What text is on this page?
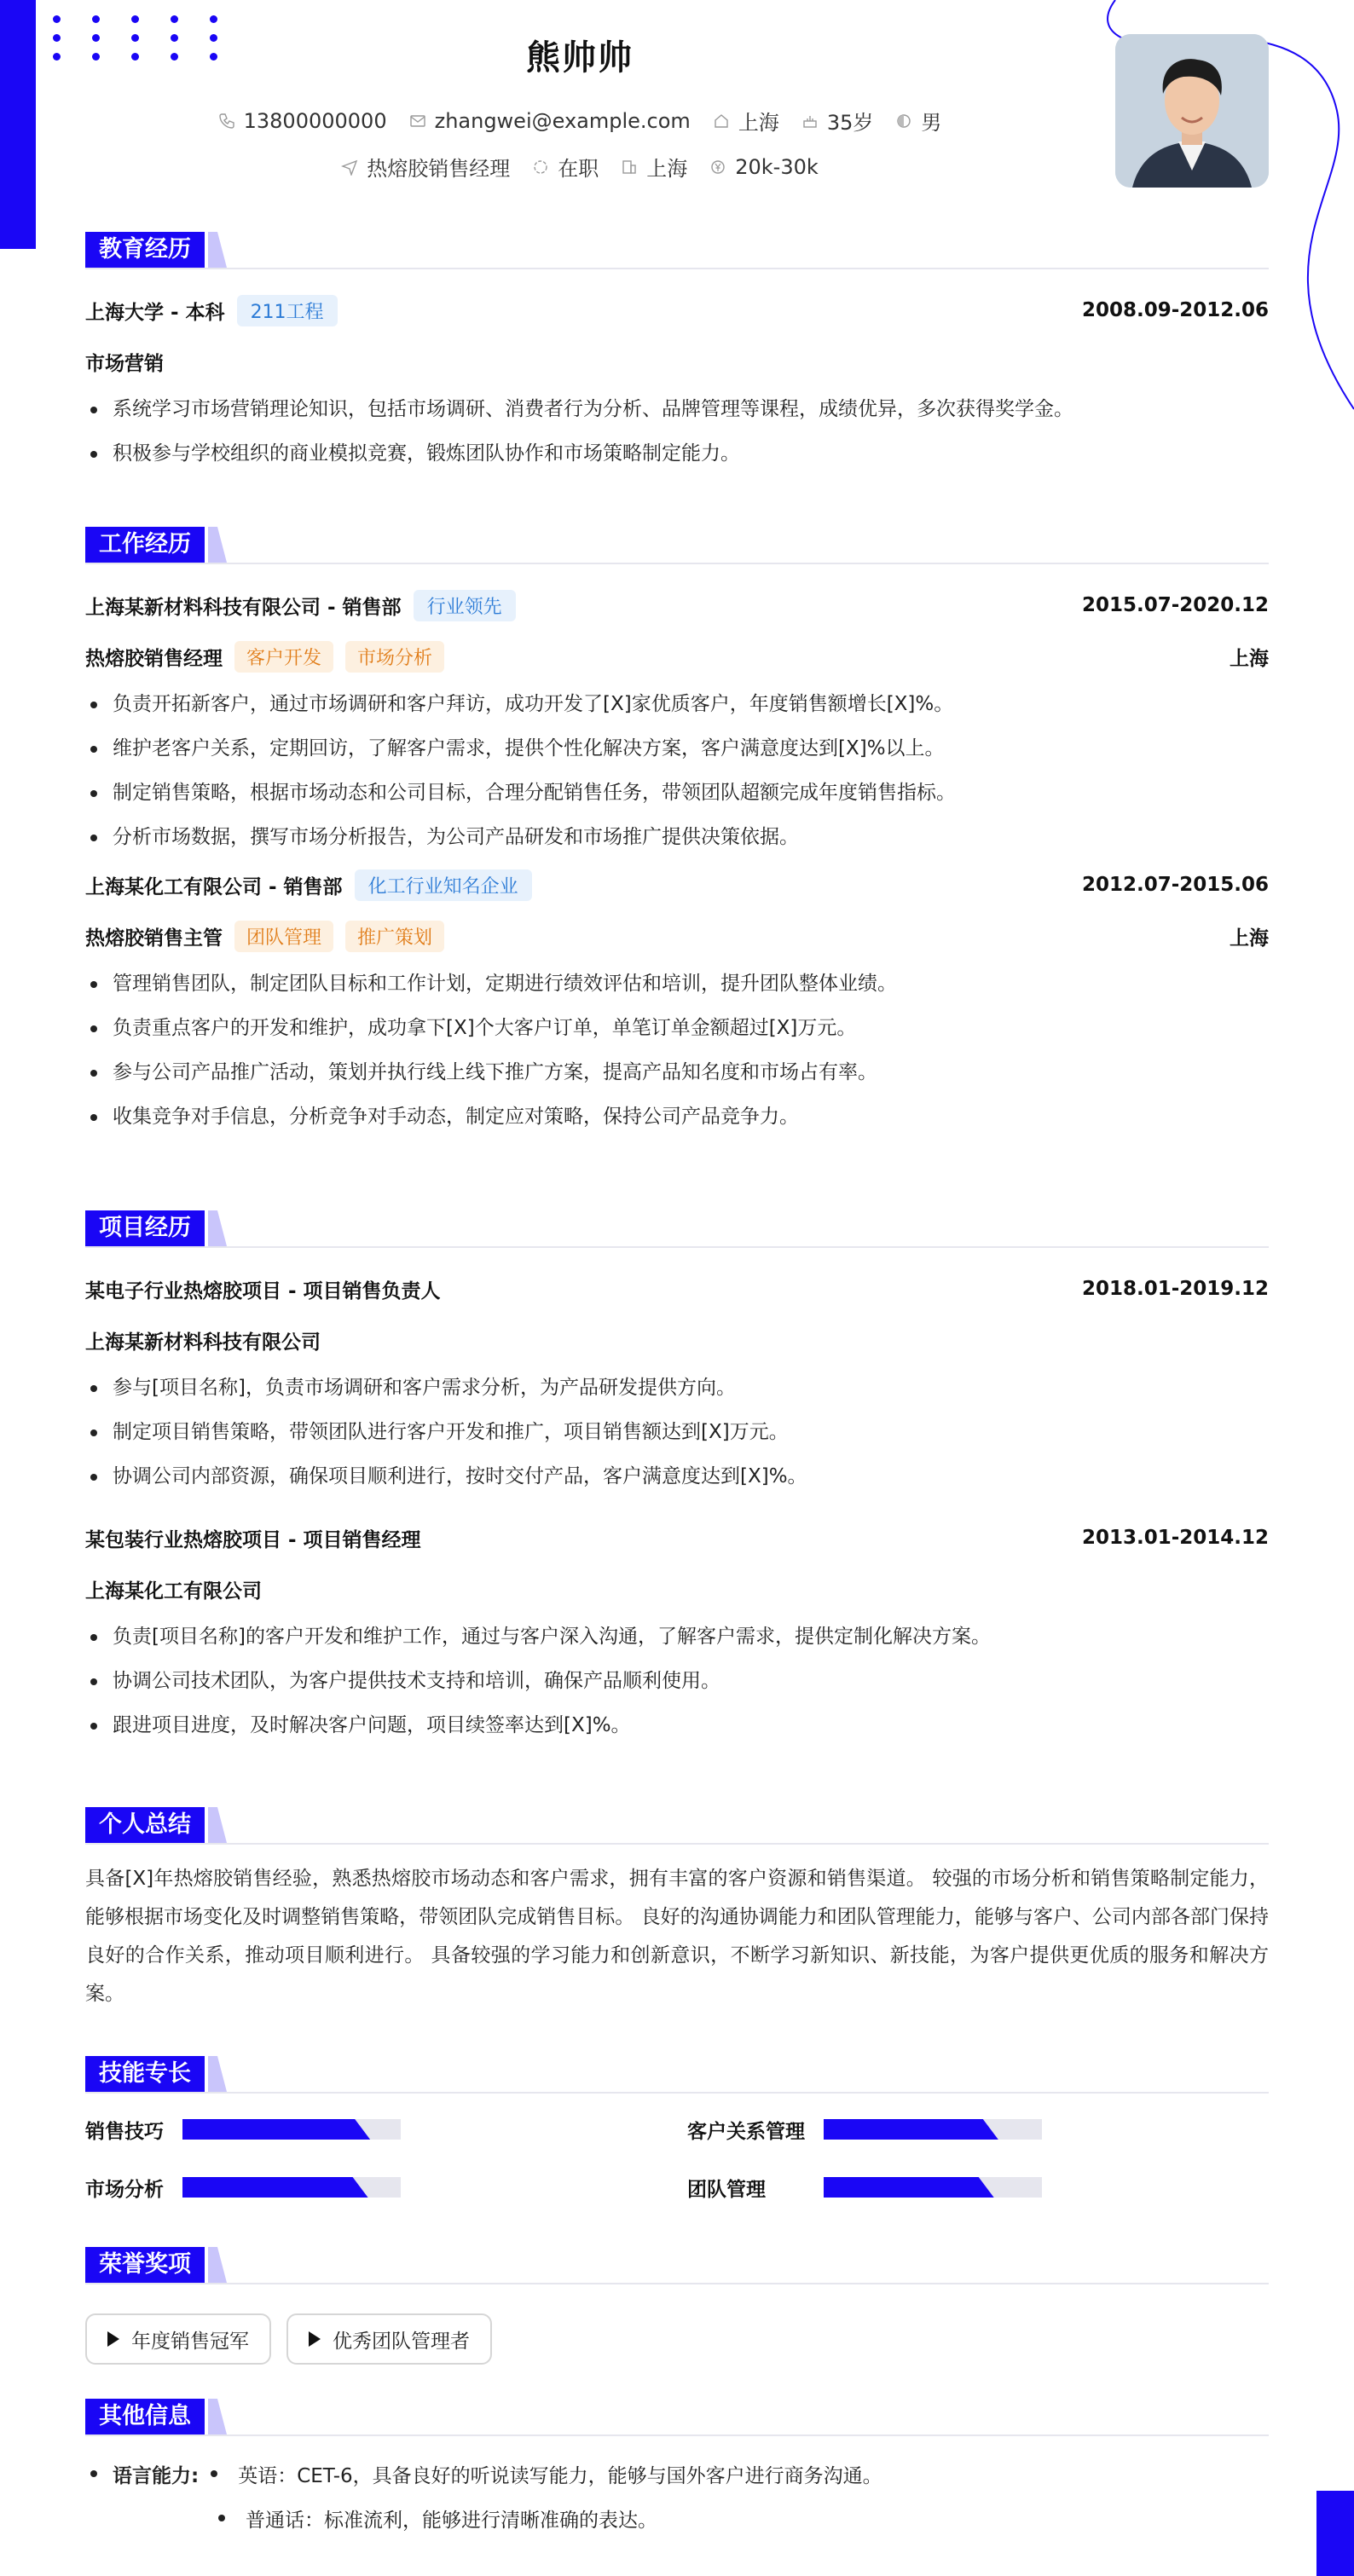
熊帅帅
13800000000 zhangwei@example.com 上海 35岁 男
热熔胶销售经理 在职 上海 20k-30k
教育经历
上海大学 - 本科	211工程	2008.09-2012.06
市场营销
系统学习市场营销理论知识，包括市场调研、消费者行为分析、品牌管理等课程，成绩优异，多次获得奖学金。
积极参与学校组织的商业模拟竞赛，锻炼团队协作和市场策略制定能力。
工作经历
上海某新材料科技有限公司 - 销售部	行业领先	2015.07-2020.12
热熔胶销售经理	客户开发	市场分析	上海
负责开拓新客户，通过市场调研和客户拜访，成功开发了[X]家优质客户，年度销售额增长[X]%。
维护老客户关系，定期回访，了解客户需求，提供个性化解决方案，客户满意度达到[X]%以上。
制定销售策略，根据市场动态和公司目标，合理分配销售任务，带领团队超额完成年度销售指标。
分析市场数据，撰写市场分析报告，为公司产品研发和市场推广提供决策依据。
上海某化工有限公司 - 销售部	化工行业知名企业	2012.07-2015.06
热熔胶销售主管	团队管理	推广策划	上海
管理销售团队，制定团队目标和工作计划，定期进行绩效评估和培训，提升团队整体业绩。
负责重点客户的开发和维护，成功拿下[X]个大客户订单，单笔订单金额超过[X]万元。
参与公司产品推广活动，策划并执行线上线下推广方案，提高产品知名度和市场占有率。
收集竞争对手信息，分析竞争对手动态，制定应对策略，保持公司产品竞争力。
项目经历
某电子行业热熔胶项目 - 项目销售负责人	2018.01-2019.12
上海某新材料科技有限公司
参与[项目名称]，负责市场调研和客户需求分析，为产品研发提供方向。
制定项目销售策略，带领团队进行客户开发和推广，项目销售额达到[X]万元。
协调公司内部资源，确保项目顺利进行，按时交付产品，客户满意度达到[X]%。
某包装行业热熔胶项目 - 项目销售经理	2013.01-2014.12
上海某化工有限公司
负责[项目名称]的客户开发和维护工作，通过与客户深入沟通，了解客户需求，提供定制化解决方案。
协调公司技术团队，为客户提供技术支持和培训，确保产品顺利使用。
跟进项目进度，及时解决客户问题，项目续签率达到[X]%。
个人总结
具备[X]年热熔胶销售经验，熟悉热熔胶市场动态和客户需求，拥有丰富的客户资源和销售渠道。 较强的市场分析和销售策略制定能力，能够根据市场变化及时调整销售策略，带领团队完成销售目标。 良好的沟通协调能力和团队管理能力，能够与客户、公司内部各部门保持良好的合作关系，推动项目顺利进行。 具备较强的学习能力和创新意识，不断学习新知识、新技能，为客户提供更优质的服务和解决方案。
技能专长
销售技巧	客户关系管理
市场分析	团队管理
荣誉奖项
年度销售冠军	优秀团队管理者
其他信息
语言能力: 英语：CET-6，具备良好的听说读写能力，能够与国外客户进行商务沟通。
普通话：标准流利，能够进行清晰准确的表达。
